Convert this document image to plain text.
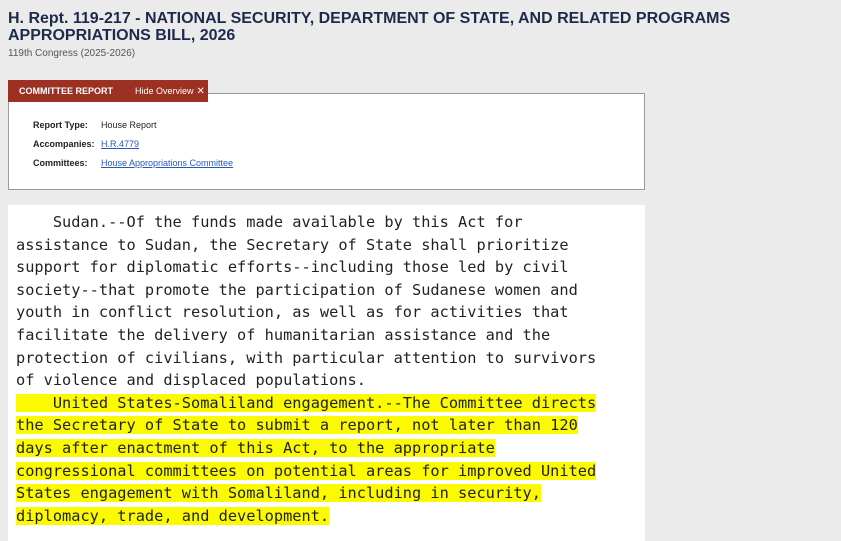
H. Rept. 119-217 - NATIONAL SECURITY, DEPARTMENT OF STATE, AND RELATED PROGRAMS APPROPRIATIONS BILL, 2026
119th Congress (2025-2026)
Report Type:	House Report
Accompanies: H.R.4779
Committees:	House Appropriations Committee
COMMITTEE REPORT Hide Overview ✕
Sudan.--Of the funds made available by this Act for
assistance to Sudan, the Secretary of State shall prioritize
support for diplomatic efforts--including those led by civil
society--that promote the participation of Sudanese women and
youth in conflict resolution, as well as for activities that
facilitate the delivery of humanitarian assistance and the
protection of civilians, with particular attention to survivors
of violence and displaced populations.
United States-Somaliland engagement.--The Committee directs
the Secretary of State to submit a report, not later than 120
days after enactment of this Act, to the appropriate
congressional committees on potential areas for improved United
States engagement with Somaliland, including in security,
diplomacy, trade, and development.
